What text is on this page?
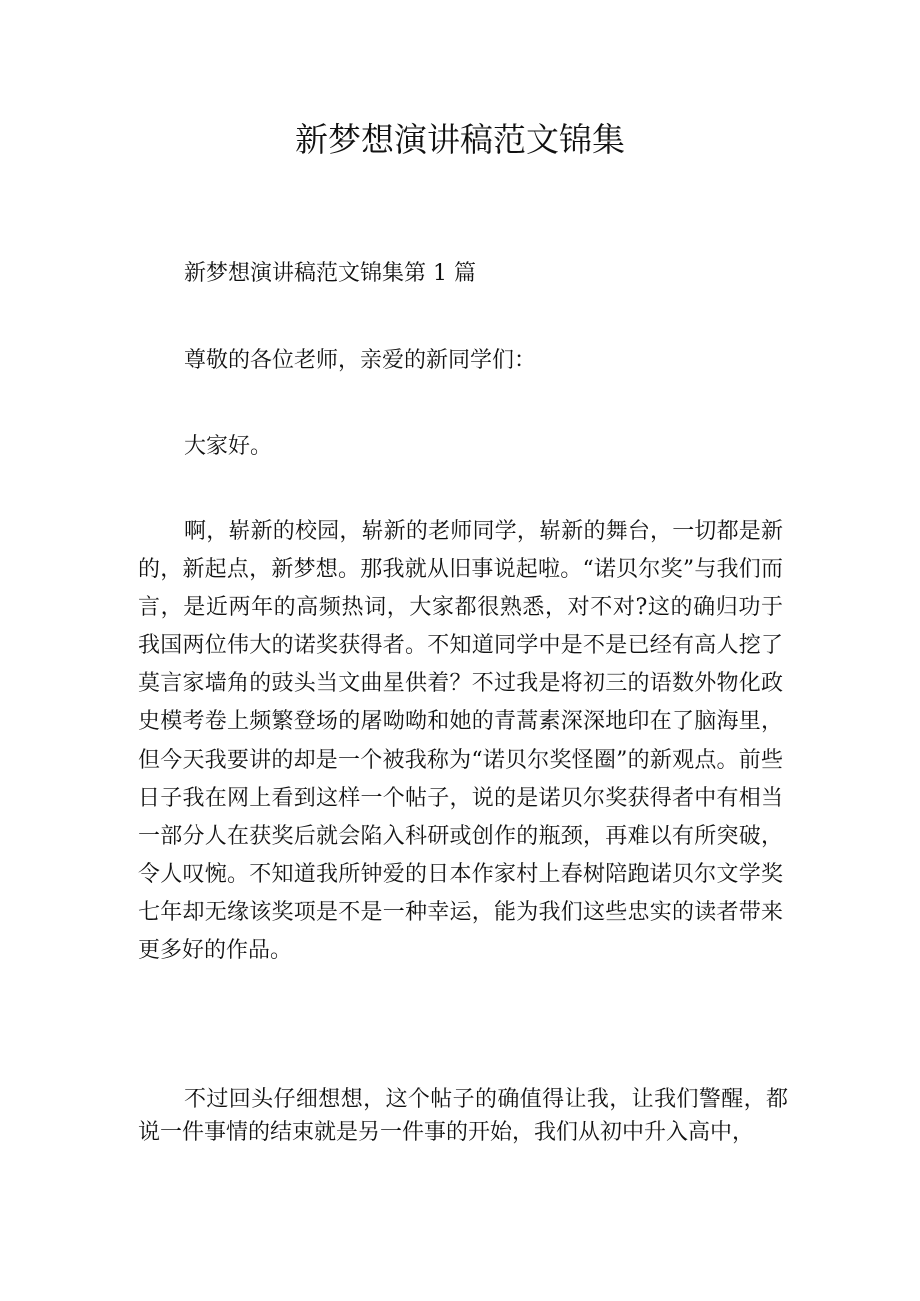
新梦想演讲稿范文锦集

新梦想演讲稿范文锦集第 1 篇

尊敬的各位老师，亲爱的新同学们：

大家好。

啊，崭新的校园，崭新的老师同学，崭新的舞台，一切都是新的，新起点，新梦想。那我就从旧事说起啦。“诺贝尔奖”与我们而言，是近两年的高频热词，大家都很熟悉，对不对?这的确归功于我国两位伟大的诺奖获得者。不知道同学中是不是已经有高人挖了莫言家墙角的豉头当文曲星供着？不过我是将初三的语数外物化政史模考卷上频繁登场的屠呦呦和她的青蒿素深深地印在了脑海里，但今天我要讲的却是一个被我称为“诺贝尔奖怪圈”的新观点。前些日子我在网上看到这样一个帖子，说的是诺贝尔奖获得者中有相当一部分人在获奖后就会陷入科研或创作的瓶颈，再难以有所突破，令人叹惋。不知道我所钟爱的日本作家村上春树陪跑诺贝尔文学奖七年却无缘该奖项是不是一种幸运，能为我们这些忠实的读者带来更多好的作品。

不过回头仔细想想，这个帖子的确值得让我，让我们警醒，都说一件事情的结束就是另一件事的开始，我们从初中升入高中，
